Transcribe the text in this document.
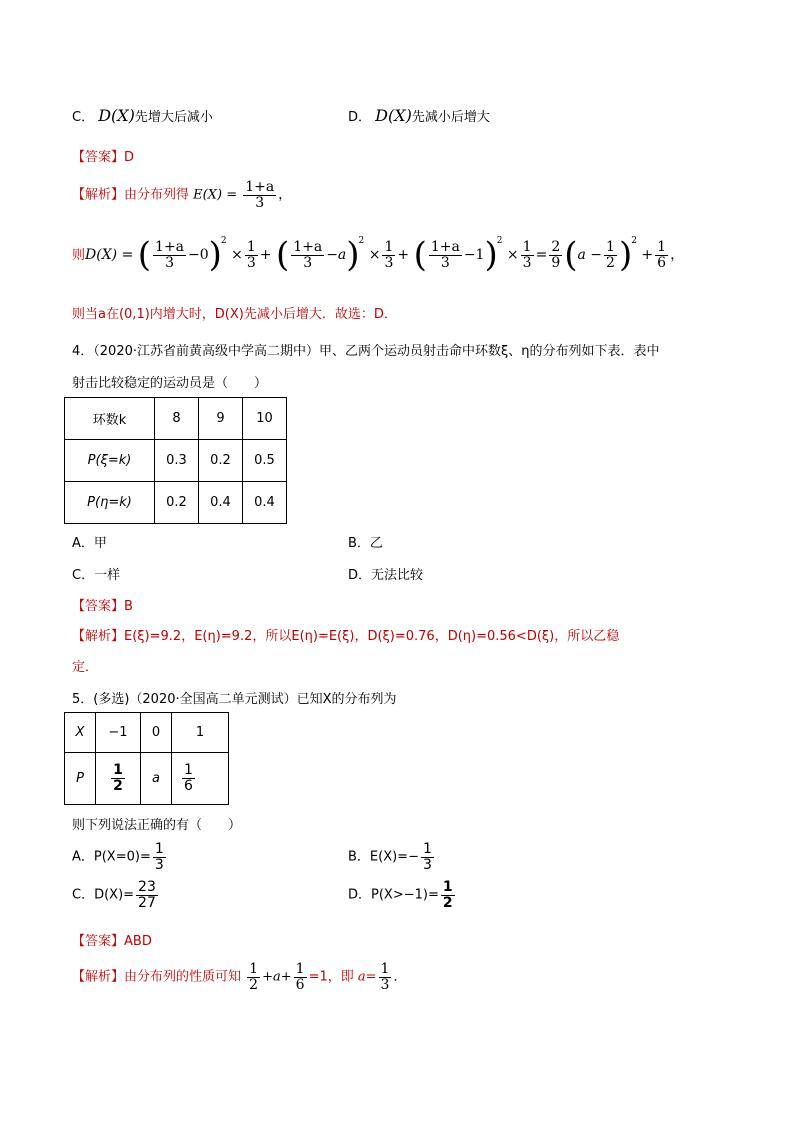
C． D(X)先增大后减小	D． D(X)先减小后增大
【答案】D
【解析】由分布列得 $E(X) = \frac{1+a}{3}$ ，
则D(X) = ( $\frac{1+a}{3} -0)^2 \times \frac{1}{3}$ + ( $\frac{1+a}{3} -a)^2 \times \frac{1}{3}$ + ( $\frac{1+a}{3} -1)^2 \times \frac{1}{3} = \frac{2}{9} (a - \frac{1}{2} )^2 + \frac{1}{6}$ ，
则当a在(0,1)内增大时，D(X)先减小后增大．故选：D．
4．（2020·江苏省前黄高级中学高二期中）甲、乙两个运动员射击命中环数ξ、η的分布列如下表．表中
射击比较稳定的运动员是（　　）
环数k	8	9	10
P(ξ=k)	0.3	0.2	0.5
P(η=k)	0.2	0.4	0.4
A．甲	B．乙
C．一样	D．无法比较
【答案】B
【解析】E(ξ)=9.2，E(η)=9.2，所以E(η)=E(ξ)，D(ξ)=0.76，D(η)=0.56<D(ξ)，所以乙稳
定．
5．(多选)（2020·全国高二单元测试）已知X的分布列为
X	−1	0	1
P	$\frac{1}{2}$	a	$\frac{1}{6}$
则下列说法正确的有（　　）
A．$P(X=0)= \frac{1}{3}$	B．$E(X)=- \frac{1}{3}$
C．$D(X)= \frac{23}{27}$	D．$P(X>-1)= \frac{1}{2}$
【答案】ABD
【解析】由分布列的性质可知 $\frac{1}{2} +a+ \frac{1}{6} =1$，即 $a= \frac{1}{3}$ ．
